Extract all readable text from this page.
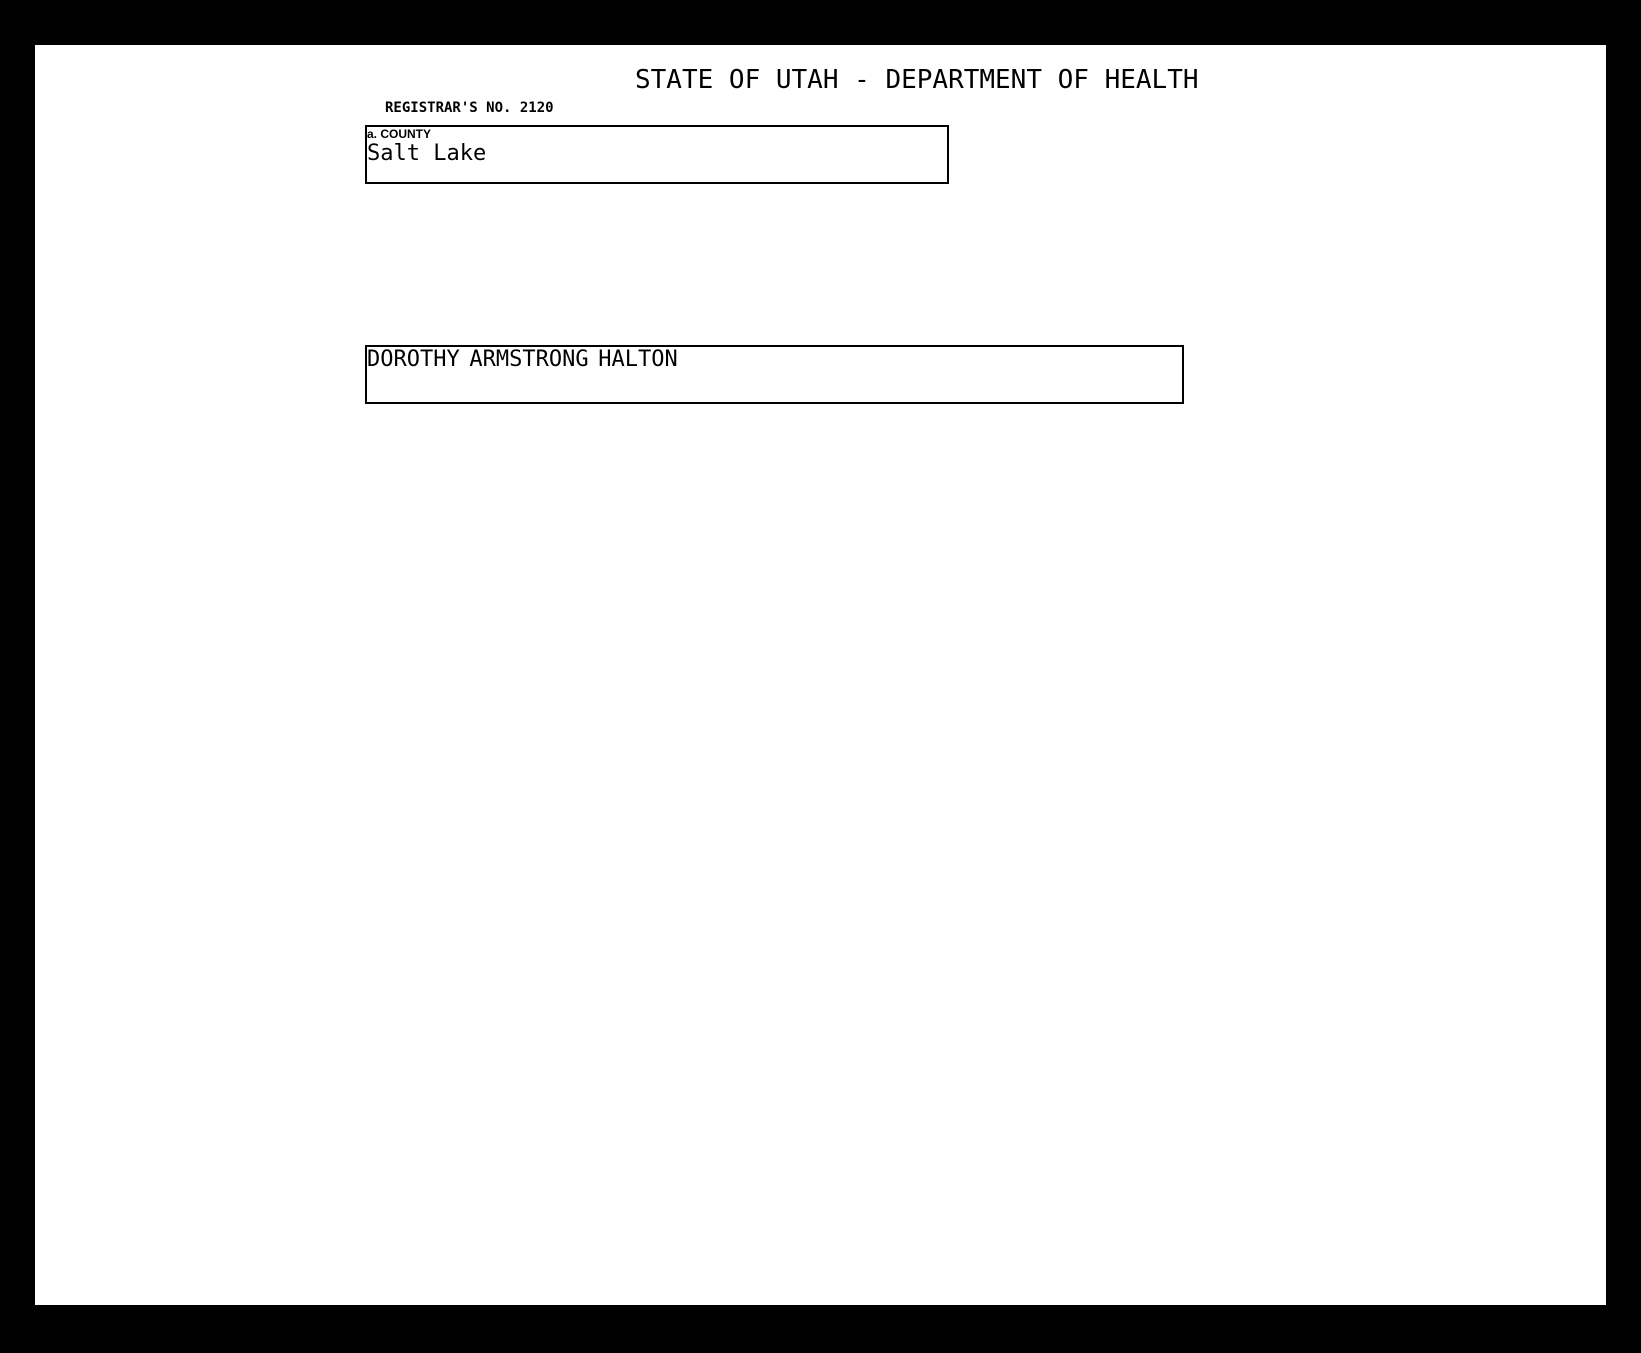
STATE OF UTAH - DEPARTMENT OF HEALTH
REGISTRAR'S NO. 2120
a. COUNTY
Salt Lake
DOROTHY ARMSTRONG HALTON
